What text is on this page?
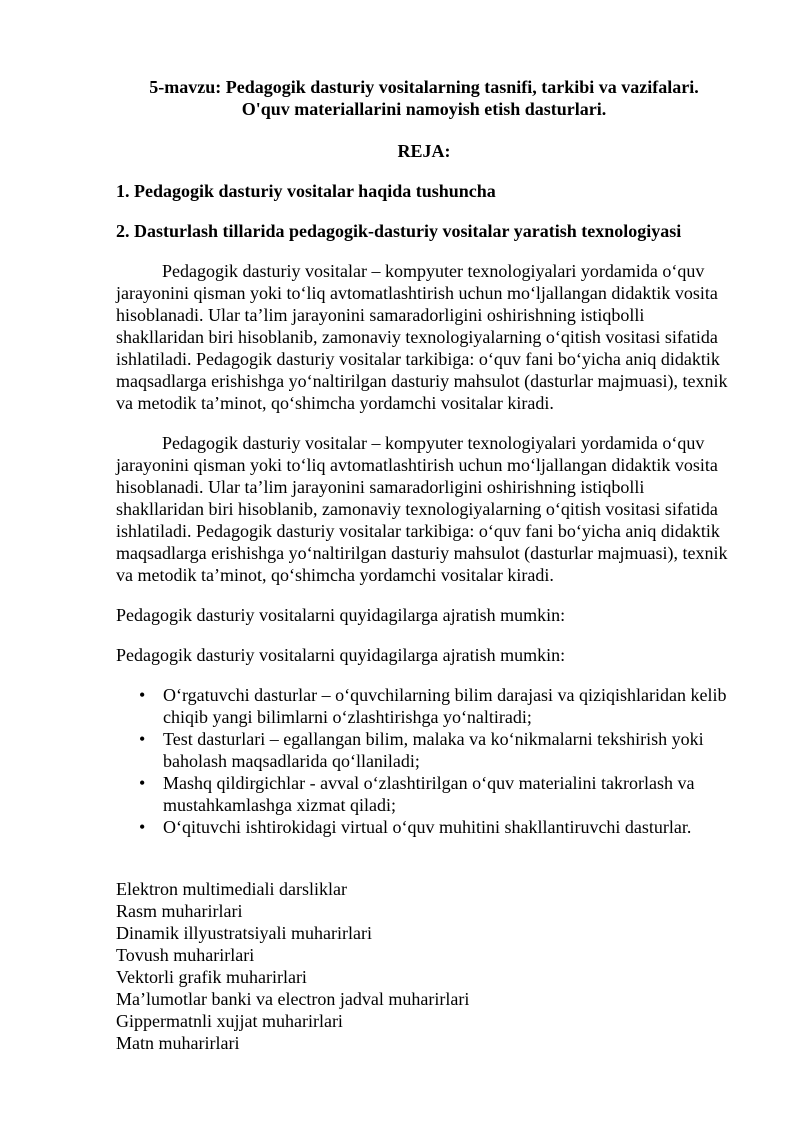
5-mavzu: Pedagogik dasturiy vositalarning tasnifi, tarkibi va vazifalari.
O'quv materiallarini namoyish etish dasturlari.
REJA:
1. Pedagogik dasturiy vositalar haqida tushuncha
2. Dasturlash tillarida pedagogik-dasturiy vositalar yaratish texnologiyasi

Pedagogik dasturiy vositalar – kompyuter texnologiyalari yordamida o‘quv jarayonini qisman yoki to‘liq avtomatlashtirish uchun mo‘ljallangan didaktik vosita hisoblanadi. Ular ta’lim jarayonini samaradorligini oshirishning istiqbolli shakllaridan biri hisoblanib, zamonaviy texnologiyalarning o‘qitish vositasi sifatida ishlatiladi. Pedagogik dasturiy vositalar tarkibiga: o‘quv fani bo‘yicha aniq didaktik maqsadlarga erishishga yo‘naltirilgan dasturiy mahsulot (dasturlar majmuasi), texnik va metodik ta’minot, qo‘shimcha yordamchi vositalar kiradi.

Pedagogik dasturiy vositalar – kompyuter texnologiyalari yordamida o‘quv jarayonini qisman yoki to‘liq avtomatlashtirish uchun mo‘ljallangan didaktik vosita hisoblanadi. Ular ta’lim jarayonini samaradorligini oshirishning istiqbolli shakllaridan biri hisoblanib, zamonaviy texnologiyalarning o‘qitish vositasi sifatida ishlatiladi. Pedagogik dasturiy vositalar tarkibiga: o‘quv fani bo‘yicha aniq didaktik maqsadlarga erishishga yo‘naltirilgan dasturiy mahsulot (dasturlar majmuasi), texnik va metodik ta’minot, qo‘shimcha yordamchi vositalar kiradi.

Pedagogik dasturiy vositalarni quyidagilarga ajratish mumkin:

Pedagogik dasturiy vositalarni quyidagilarga ajratish mumkin:

• O‘rgatuvchi dasturlar – o‘quvchilarning bilim darajasi va qiziqishlaridan kelib chiqib yangi bilimlarni o‘zlashtirishga yo‘naltiradi;
• Test dasturlari – egallangan bilim, malaka va ko‘nikmalarni tekshirish yoki baholash maqsadlarida qo‘llaniladi;
• Mashq qildirgichlar - avval o‘zlashtirilgan o‘quv materialini takrorlash va mustahkamlashga xizmat qiladi;
• O‘qituvchi ishtirokidagi virtual o‘quv muhitini shakllantiruvchi dasturlar.
Elektron multimediali darsliklar
Rasm muharirlari
Dinamik illyustratsiyali muharirlari
Tovush muharirlari
Vektorli grafik muharirlari
Ma’lumotlar banki va electron jadval muharirlari
Gippermatnli xujjat muharirlari
Matn muharirlari
